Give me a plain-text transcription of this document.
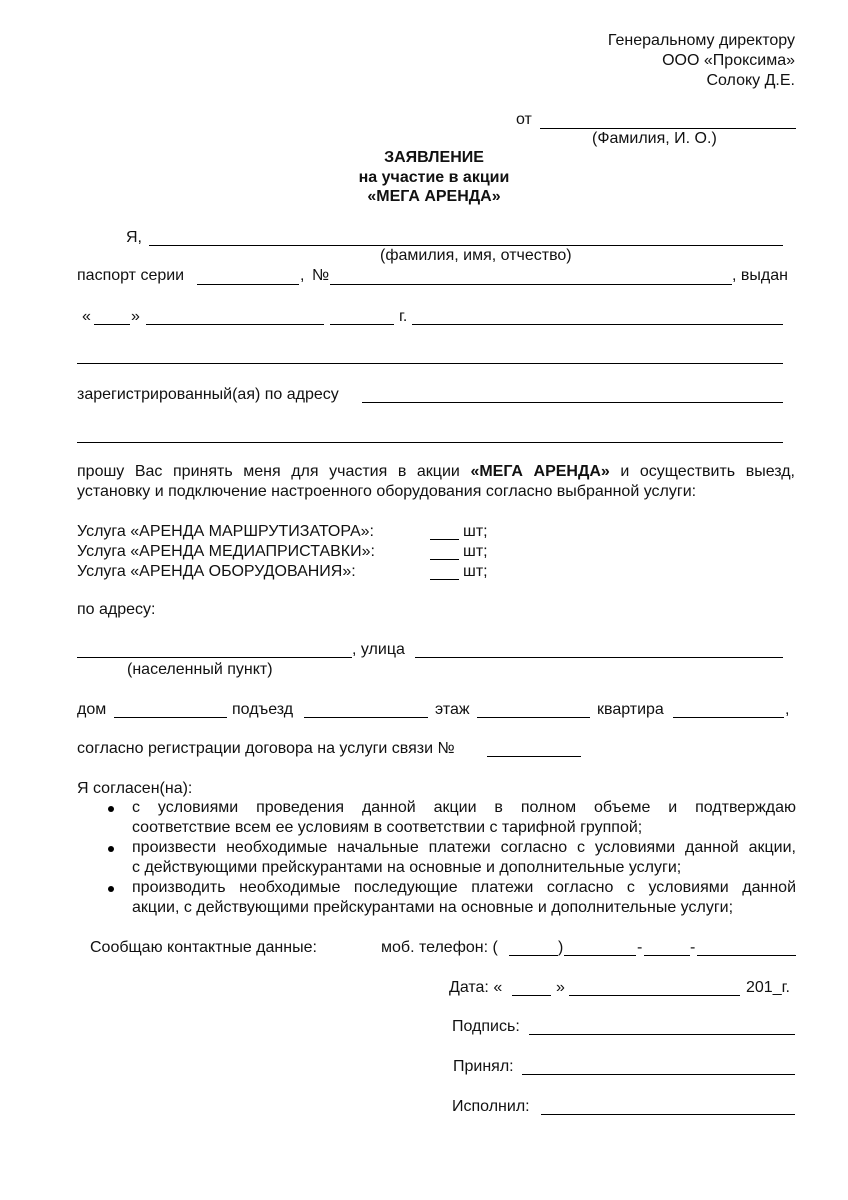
Генеральному директору
ООО «Проксима»
Солоку Д.Е.
от
(Фамилия, И. О.)
ЗАЯВЛЕНИЕ
на участие в акции
«МЕГА АРЕНДА»
Я,
(фамилия, имя, отчество)
паспорт серии	, №	, выдан
«	»	г.
зарегистрированный(ая) по адресу
прошу Вас принять меня для участия в акции «МЕГА АРЕНДА» и осуществить выезд,
установку и подключение настроенного оборудования согласно выбранной услуги:
Услуга «АРЕНДА МАРШРУТИЗАТОРА»:	шт;
Услуга «АРЕНДА МЕДИАПРИСТАВКИ»:	шт;
Услуга «АРЕНДА ОБОРУДОВАНИЯ»:	шт;
по адресу:
, улица
(населенный пункт)
дом	подъезд	этаж	квартира	,
согласно регистрации договора на услуги связи №
Я согласен(на):
с условиями проведения данной акции в полном объеме и подтверждаю
соответствие всем ее условиям в соответствии с тарифной группой;
произвести необходимые начальные платежи согласно с условиями данной акции,
с действующими прейскурантами на основные и дополнительные услуги;
производить необходимые последующие платежи согласно с условиями данной
акции, с действующими прейскурантами на основные и дополнительные услуги;
Сообщаю контактные данные:	моб. телефон: (	)	-	-
Дата: «	»	201_г.
Подпись:
Принял:
Исполнил:
